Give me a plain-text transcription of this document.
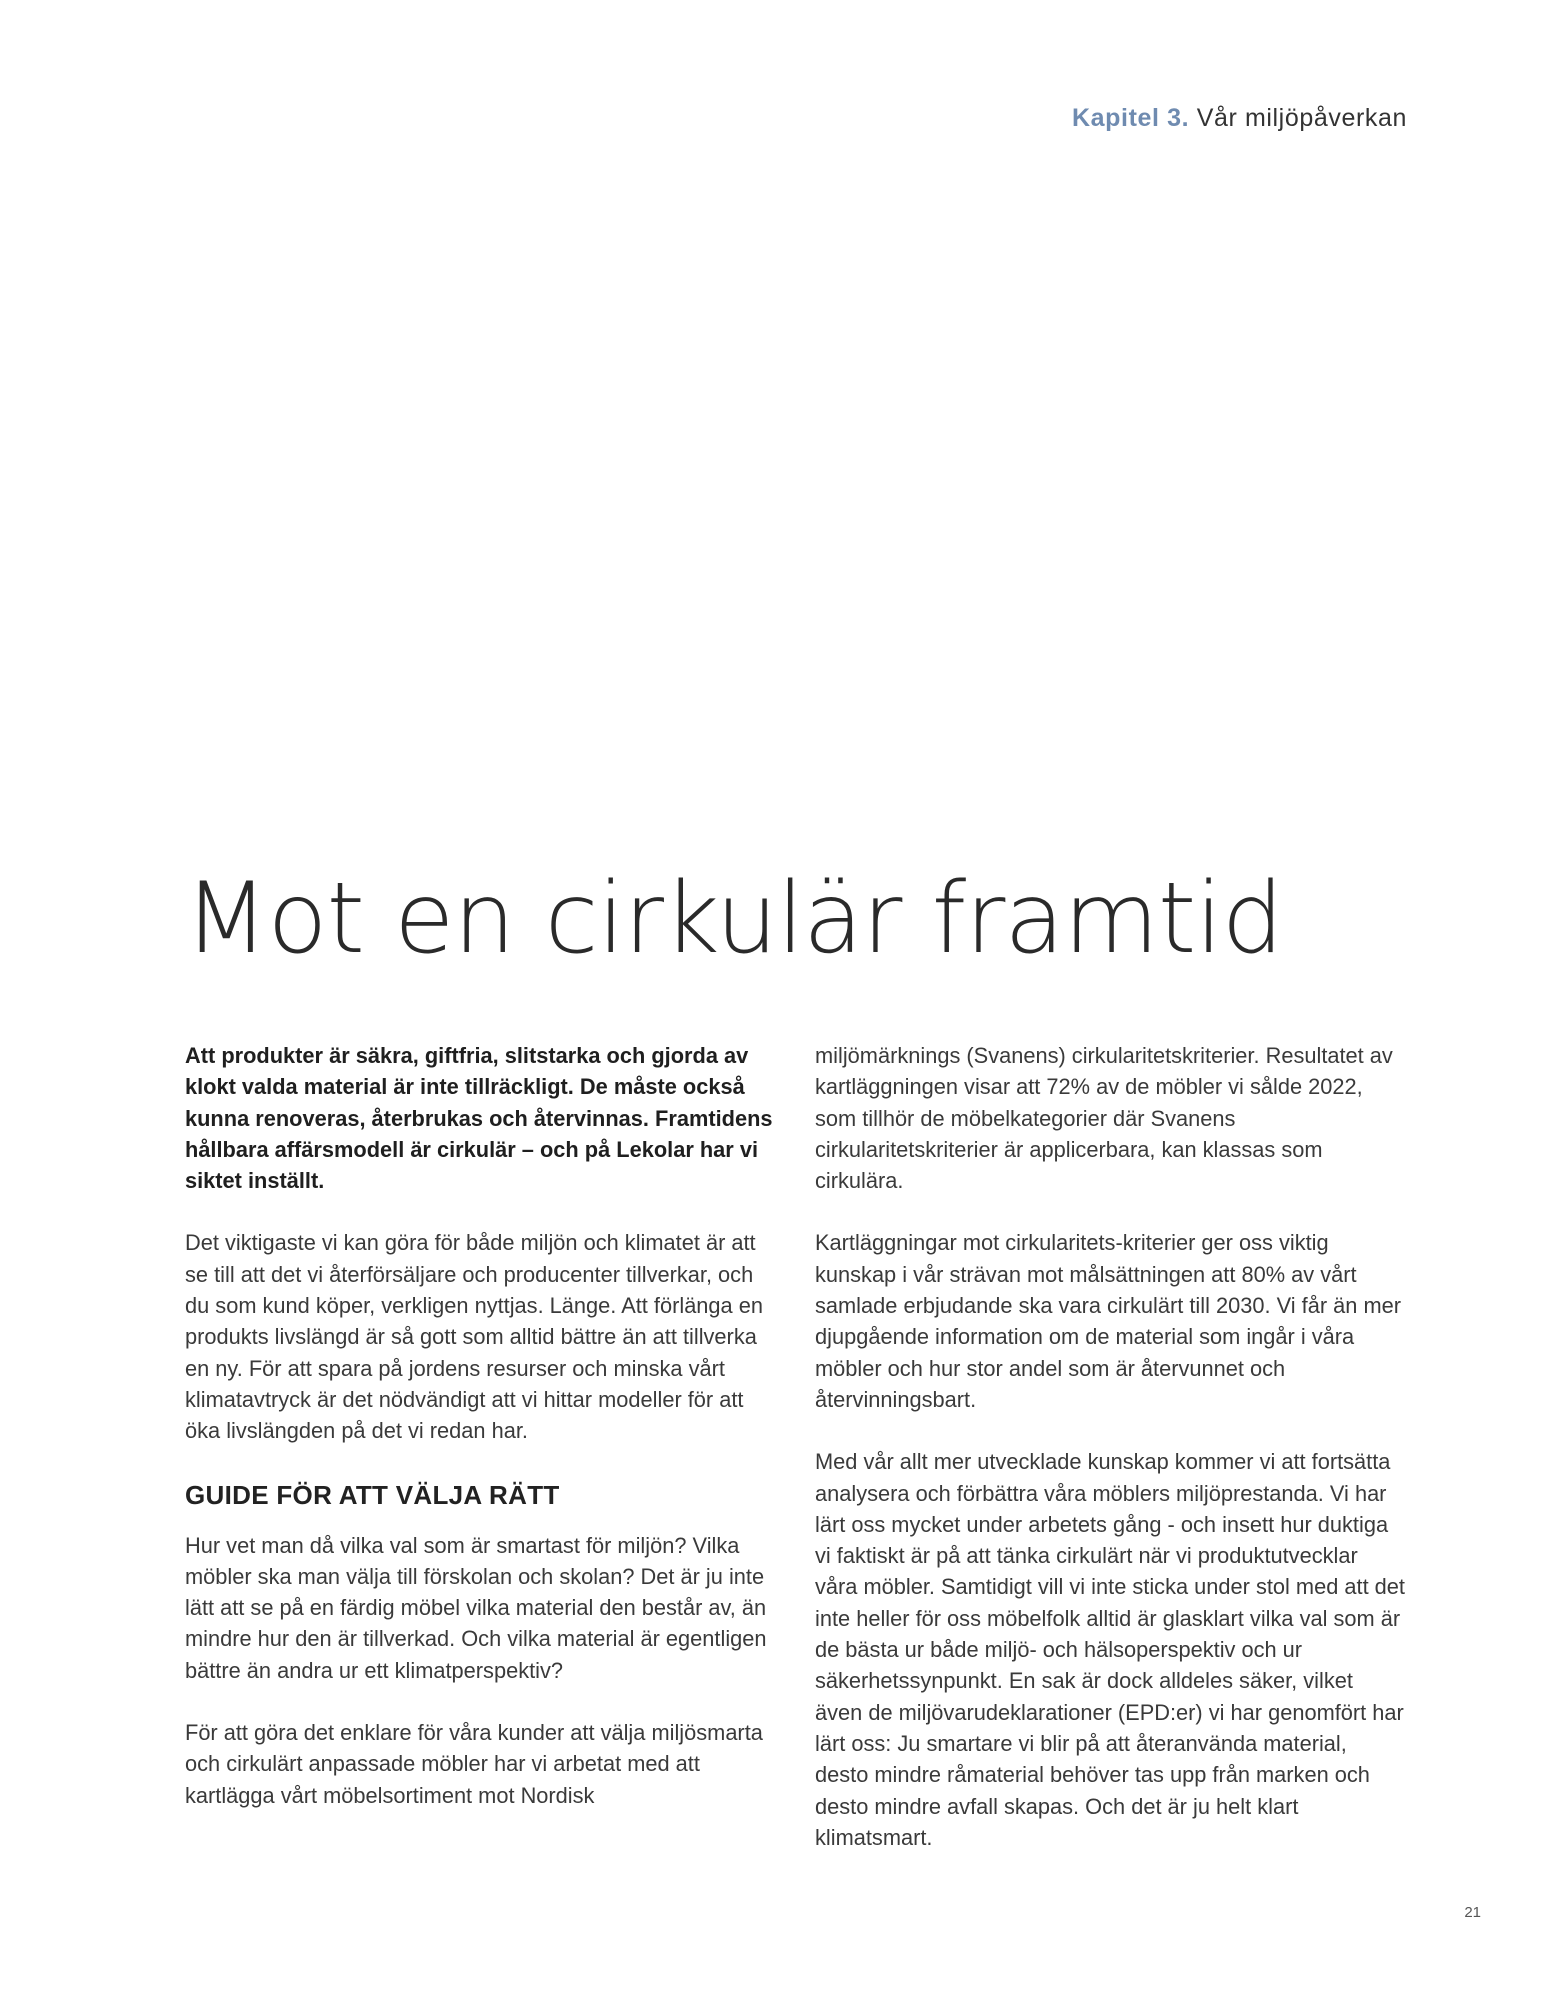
Kapitel 3. Vår miljöpåverkan
Mot en cirkulär framtid

Att produkter är säkra, giftfria, slitstarka och gjorda av klokt valda material är inte tillräckligt. De måste också kunna renoveras, återbrukas och återvinnas. Framtidens hållbara affärsmodell är cirkulär – och på Lekolar har vi siktet inställt.

Det viktigaste vi kan göra för både miljön och klimatet är att se till att det vi återförsäljare och producenter tillverkar, och du som kund köper, verkligen nyttjas. Länge. Att förlänga en produkts livslängd är så gott som alltid bättre än att tillverka en ny. För att spara på jordens resurser och minska vårt klimatavtryck är det nödvändigt att vi hittar modeller för att öka livslängden på det vi redan har.

GUIDE FÖR ATT VÄLJA RÄTT

Hur vet man då vilka val som är smartast för miljön? Vilka möbler ska man välja till förskolan och skolan? Det är ju inte lätt att se på en färdig möbel vilka material den består av, än mindre hur den är tillverkad. Och vilka material är egentligen bättre än andra ur ett klimatperspektiv?

För att göra det enklare för våra kunder att välja miljösmarta och cirkulärt anpassade möbler har vi arbetat med att kartlägga vårt möbelsortiment mot Nordisk

miljömärknings (Svanens) cirkularitetskriterier. Resultatet av kartläggningen visar att 72% av de möbler vi sålde 2022, som tillhör de möbelkategorier där Svanens cirkularitetskriterier är applicerbara, kan klassas som cirkulära.

Kartläggningar mot cirkularitets-kriterier ger oss viktig kunskap i vår strävan mot målsättningen att 80% av vårt samlade erbjudande ska vara cirkulärt till 2030. Vi får än mer djupgående information om de material som ingår i våra möbler och hur stor andel som är återvunnet och återvinningsbart.

Med vår allt mer utvecklade kunskap kommer vi att fortsätta analysera och förbättra våra möblers miljöprestanda. Vi har lärt oss mycket under arbetets gång - och insett hur duktiga vi faktiskt är på att tänka cirkulärt när vi produktutvecklar våra möbler. Samtidigt vill vi inte sticka under stol med att det inte heller för oss möbelfolk alltid är glasklart vilka val som är de bästa ur både miljö- och hälsoperspektiv och ur säkerhetssynpunkt. En sak är dock alldeles säker, vilket även de miljövarudeklarationer (EPD:er) vi har genomfört har lärt oss: Ju smartare vi blir på att återanvända material, desto mindre råmaterial behöver tas upp från marken och desto mindre avfall skapas. Och det är ju helt klart klimatsmart.

21
